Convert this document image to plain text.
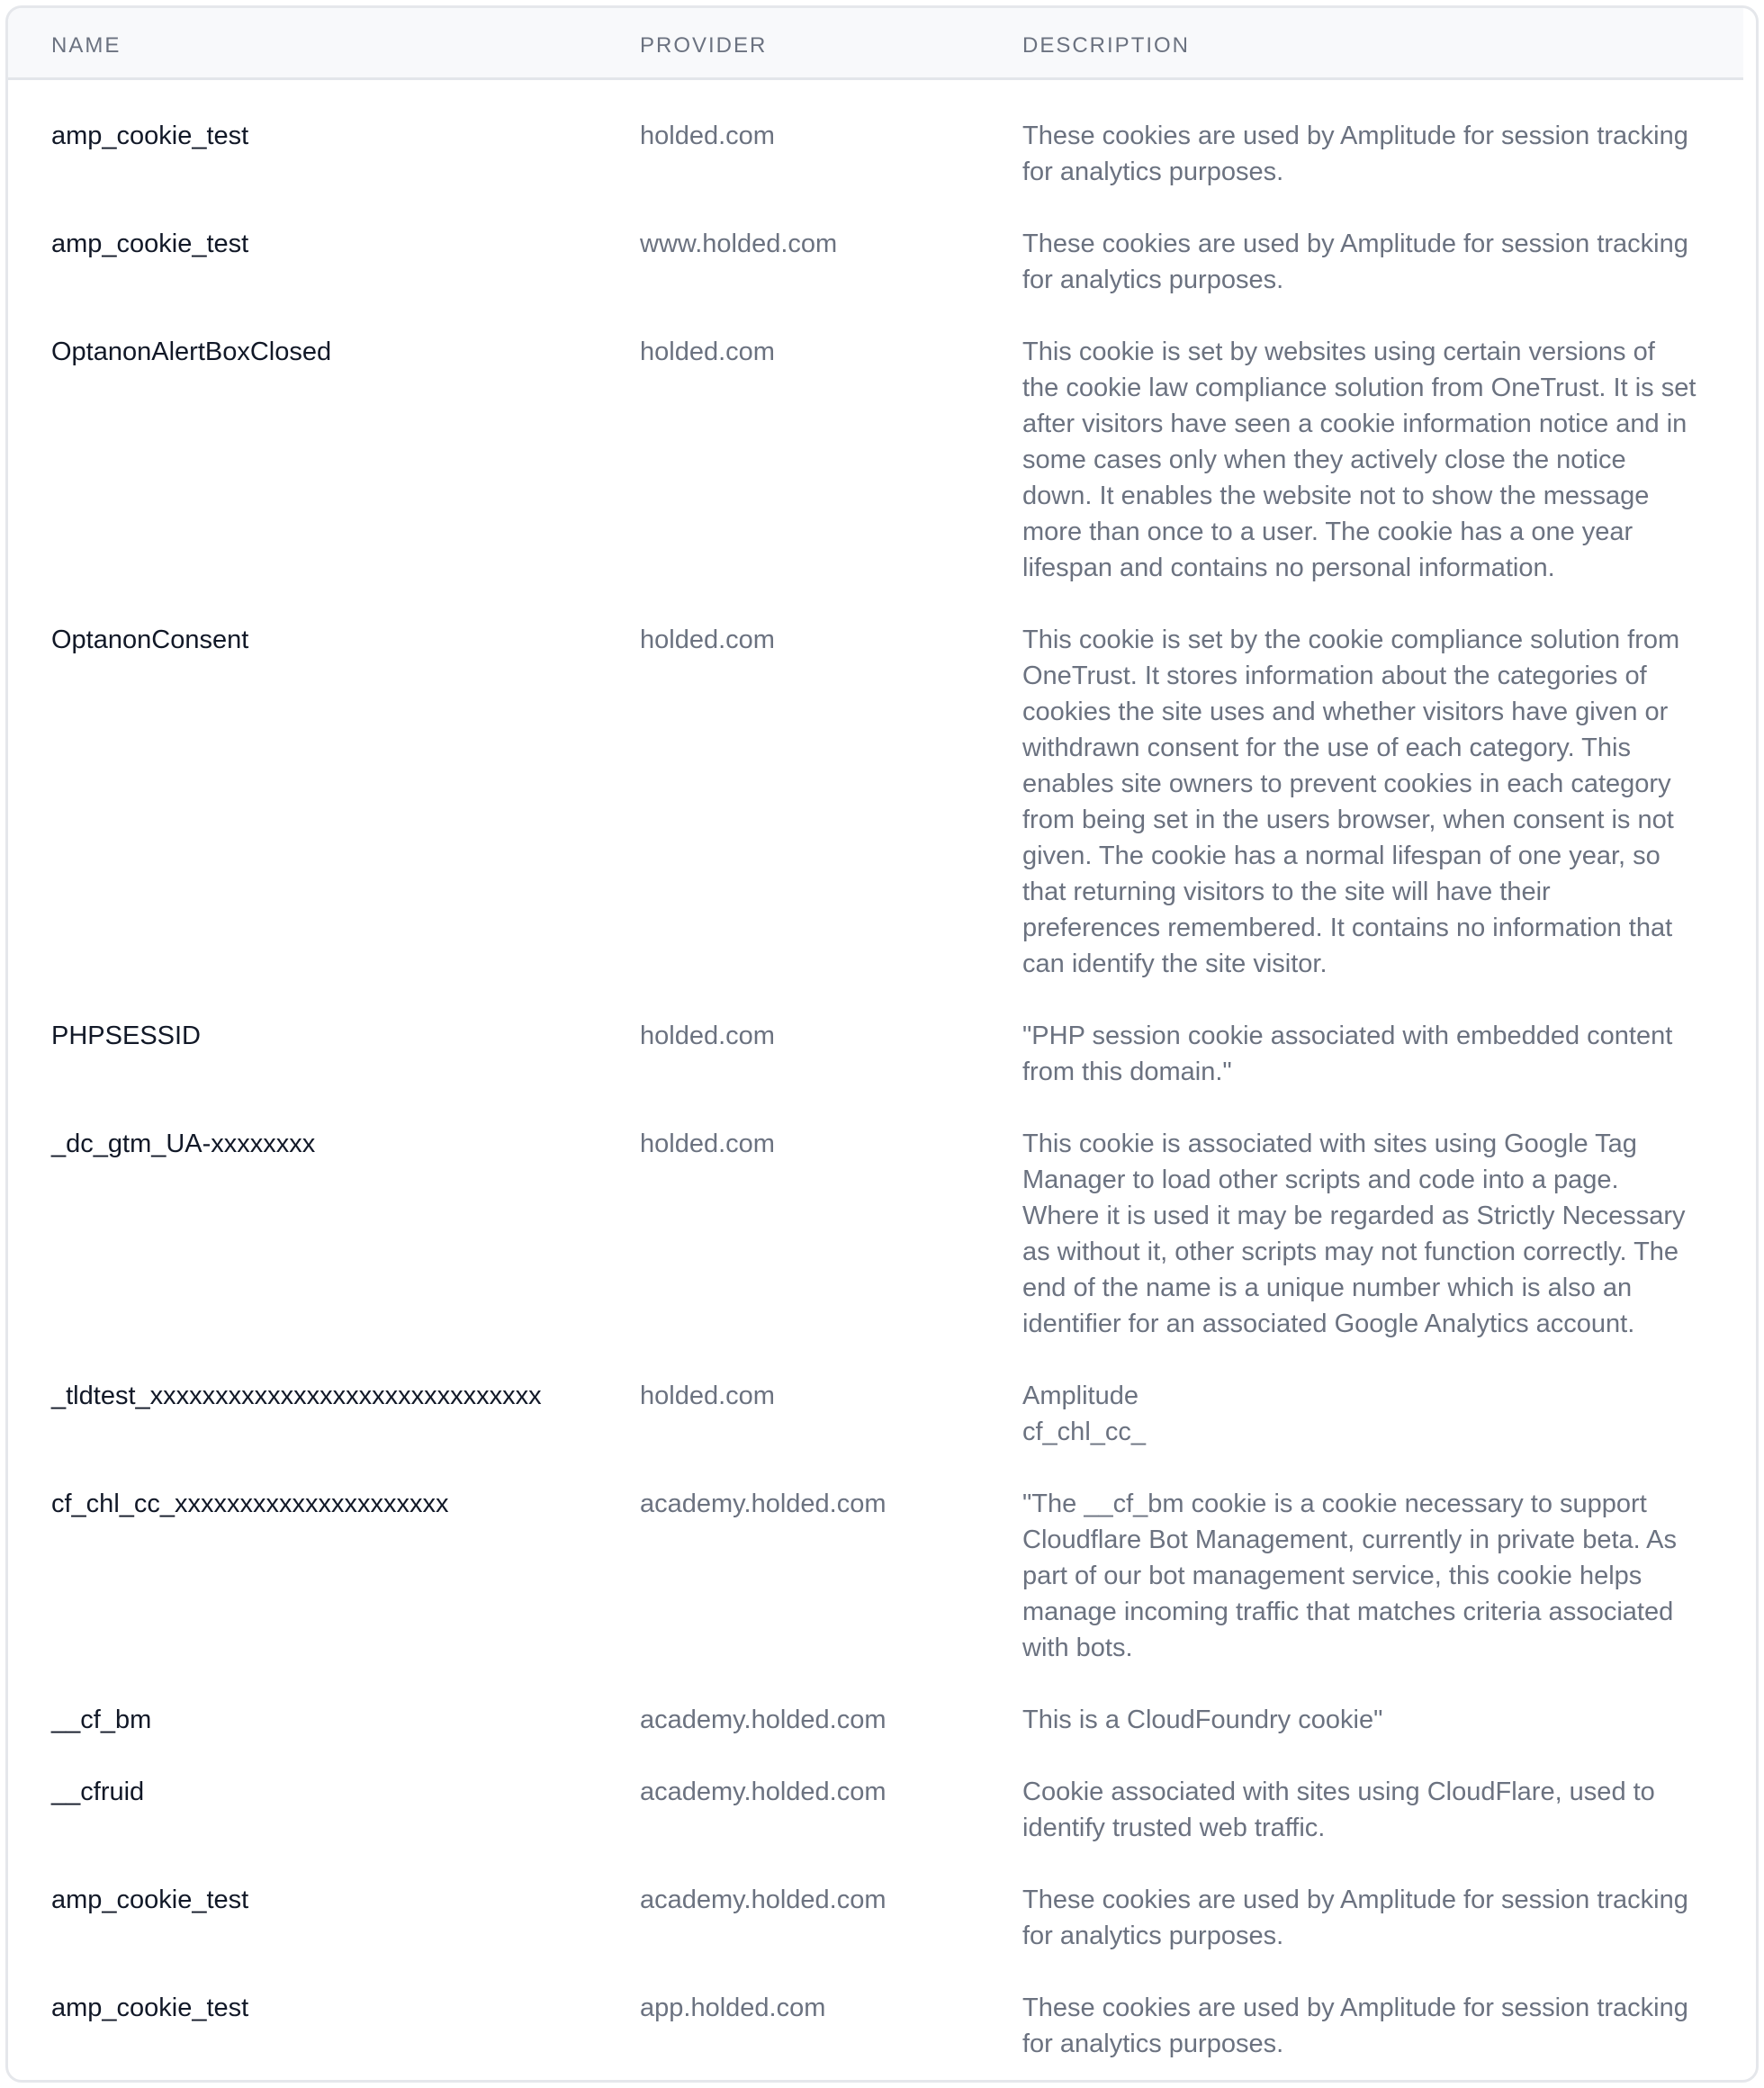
NAME	PROVIDER	DESCRIPTION
amp_cookie_test	holded.com	These cookies are used by Amplitude for session tracking
for analytics purposes.
amp_cookie_test	www.holded.com	These cookies are used by Amplitude for session tracking
for analytics purposes.
OptanonAlertBoxClosed	holded.com	This cookie is set by websites using certain versions of
the cookie law compliance solution from OneTrust. It is set
after visitors have seen a cookie information notice and in
some cases only when they actively close the notice
down. It enables the website not to show the message
more than once to a user. The cookie has a one year
lifespan and contains no personal information.
OptanonConsent	holded.com	This cookie is set by the cookie compliance solution from
OneTrust. It stores information about the categories of
cookies the site uses and whether visitors have given or
withdrawn consent for the use of each category. This
enables site owners to prevent cookies in each category
from being set in the users browser, when consent is not
given. The cookie has a normal lifespan of one year, so
that returning visitors to the site will have their
preferences remembered. It contains no information that
can identify the site visitor.
PHPSESSID	holded.com	"PHP session cookie associated with embedded content
from this domain."
_dc_gtm_UA-xxxxxxxx	holded.com	This cookie is associated with sites using Google Tag
Manager to load other scripts and code into a page.
Where it is used it may be regarded as Strictly Necessary
as without it, other scripts may not function correctly. The
end of the name is a unique number which is also an
identifier for an associated Google Analytics account.
_tldtest_xxxxxxxxxxxxxxxxxxxxxxxxxxxxxx	holded.com	Amplitude
cf_chl_cc_
cf_chl_cc_xxxxxxxxxxxxxxxxxxxxx	academy.holded.com	"The __cf_bm cookie is a cookie necessary to support
Cloudflare Bot Management, currently in private beta. As
part of our bot management service, this cookie helps
manage incoming traffic that matches criteria associated
with bots.
__cf_bm	academy.holded.com	This is a CloudFoundry cookie"
__cfruid	academy.holded.com	Cookie associated with sites using CloudFlare, used to
identify trusted web traffic.
amp_cookie_test	academy.holded.com	These cookies are used by Amplitude for session tracking
for analytics purposes.
amp_cookie_test	app.holded.com	These cookies are used by Amplitude for session tracking
for analytics purposes.
